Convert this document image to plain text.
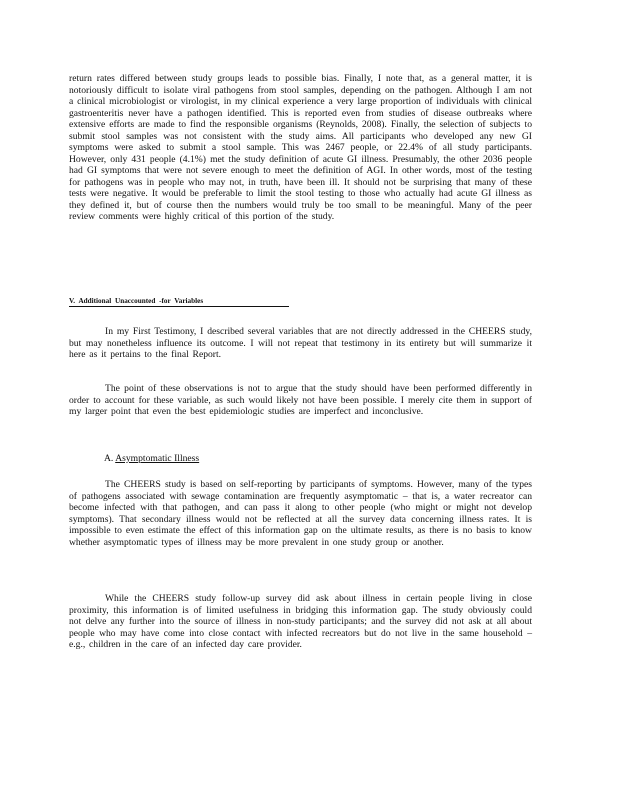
return rates differed between study groups leads to possible bias. Finally, I note that, as a general matter, it is notoriously difficult to isolate viral pathogens from stool samples, depending on the pathogen. Although I am not a clinical microbiologist or virologist, in my clinical experience a very large proportion of individuals with clinical gastroenteritis never have a pathogen identified. This is reported even from studies of disease outbreaks where extensive efforts are made to find the responsible organisms (Reynolds, 2008). Finally, the selection of subjects to submit stool samples was not consistent with the study aims. All participants who developed any new GI symptoms were asked to submit a stool sample. This was 2467 people, or 22.4% of all study participants. However, only 431 people (4.1%) met the study definition of acute GI illness. Presumably, the other 2036 people had GI symptoms that were not severe enough to meet the definition of AGI. In other words, most of the testing for pathogens was in people who may not, in truth, have been ill. It should not be surprising that many of these tests were negative. It would be preferable to limit the stool testing to those who actually had acute GI illness as they defined it, but of course then the numbers would truly be too small to be meaningful. Many of the peer review comments were highly critical of this portion of the study.

V. Additional Unaccounted -for Variables

In my First Testimony, I described several variables that are not directly addressed in the CHEERS study, but may nonetheless influence its outcome. I will not repeat that testimony in its entirety but will summarize it here as it pertains to the final Report.

The point of these observations is not to argue that the study should have been performed differently in order to account for these variable, as such would likely not have been possible. I merely cite them in support of my larger point that even the best epidemiologic studies are imperfect and inconclusive.

A. Asymptomatic Illness

The CHEERS study is based on self-reporting by participants of symptoms. However, many of the types of pathogens associated with sewage contamination are frequently asymptomatic – that is, a water recreator can become infected with that pathogen, and can pass it along to other people (who might or might not develop symptoms). That secondary illness would not be reflected at all the survey data concerning illness rates. It is impossible to even estimate the effect of this information gap on the ultimate results, as there is no basis to know whether asymptomatic types of illness may be more prevalent in one study group or another.

While the CHEERS study follow-up survey did ask about illness in certain people living in close proximity, this information is of limited usefulness in bridging this information gap. The study obviously could not delve any further into the source of illness in non-study participants; and the survey did not ask at all about people who may have come into close contact with infected recreators but do not live in the same household – e.g., children in the care of an infected day care provider.
